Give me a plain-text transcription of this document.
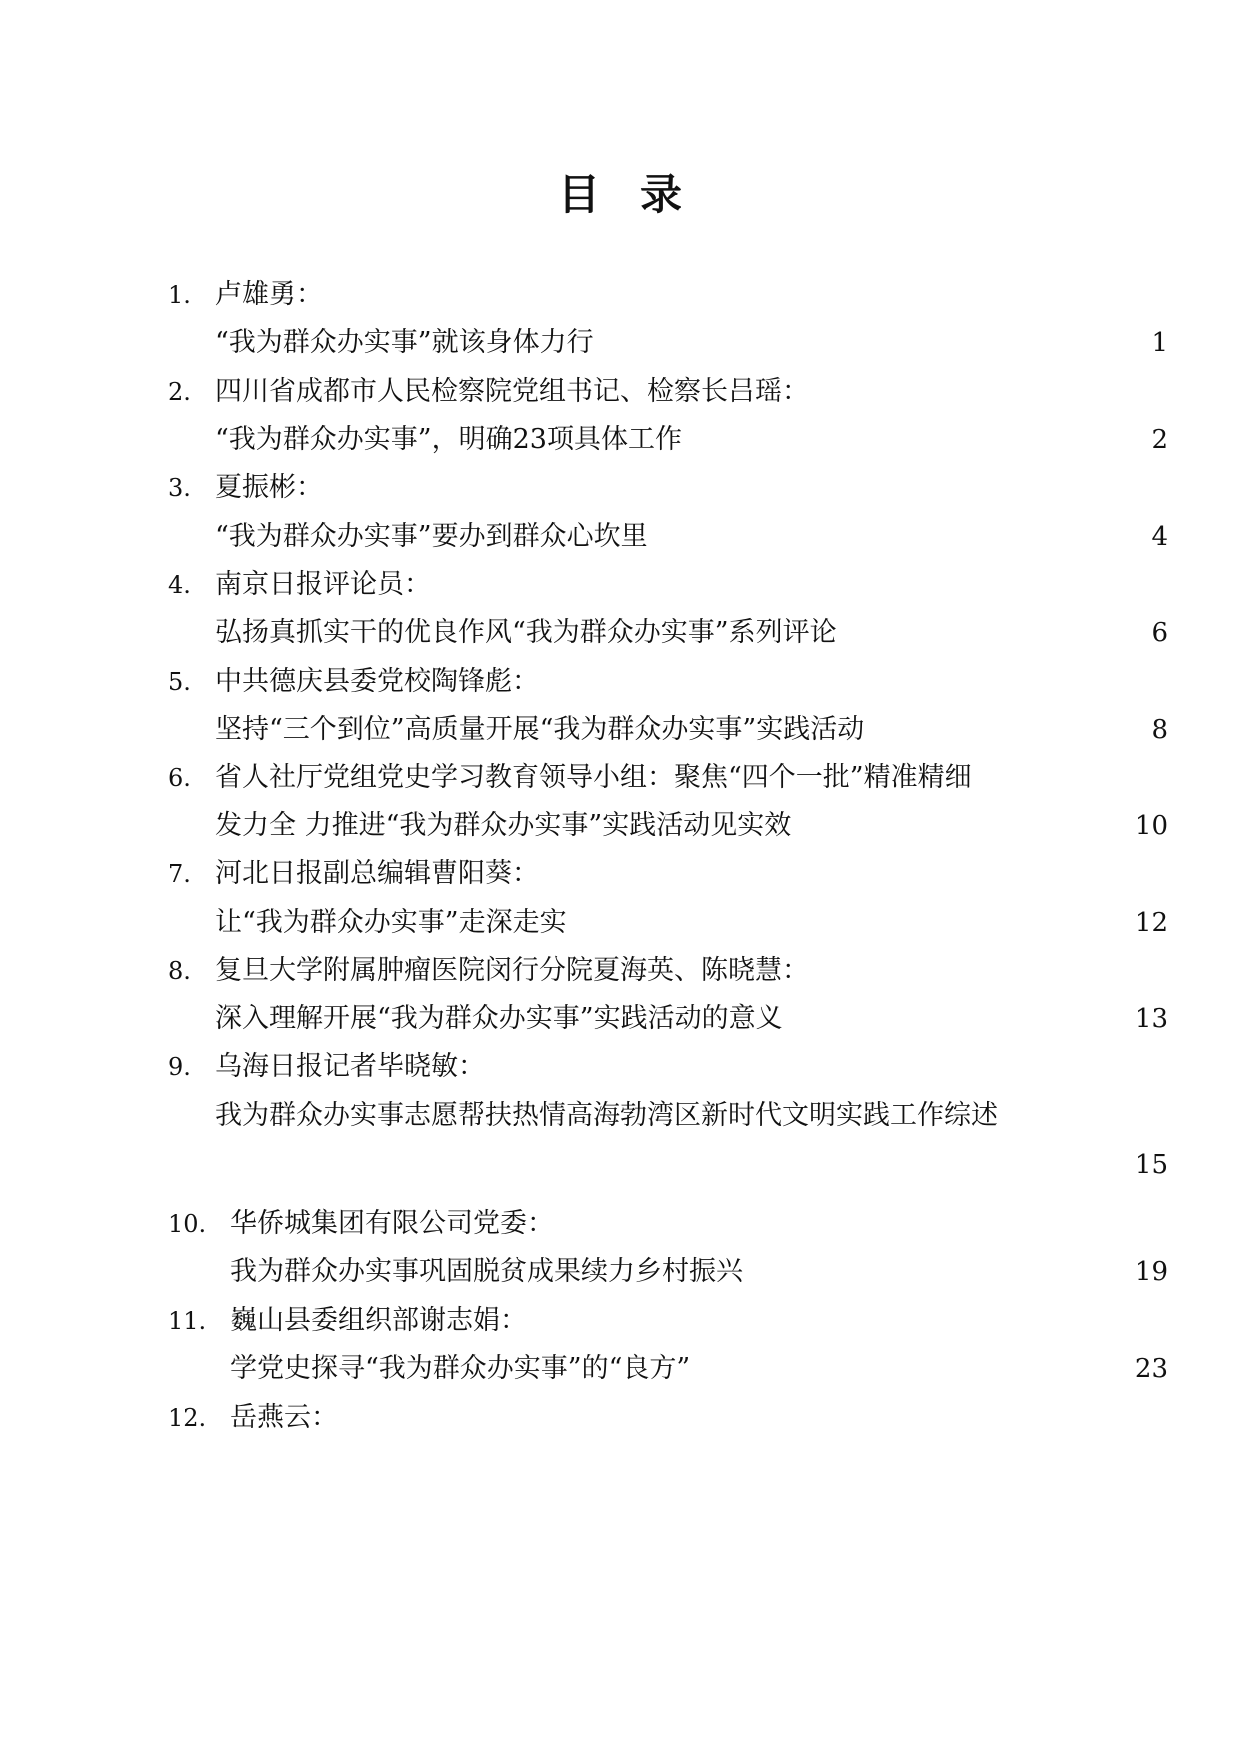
目录
1. 卢雄勇：
“我为群众办实事”就该身体力行	1
2. 四川省成都市人民检察院党组书记、检察长吕瑶：
“我为群众办实事”，明确23项具体工作	2
3. 夏振彬：
“我为群众办实事”要办到群众心坎里	4
4. 南京日报评论员：
弘扬真抓实干的优良作风“我为群众办实事”系列评论	6
5. 中共德庆县委党校陶锋彪：
坚持“三个到位”高质量开展“我为群众办实事”实践活动	8
6. 省人社厅党组党史学习教育领导小组：聚焦“四个一批”精准精细
发力全 力推进“我为群众办实事”实践活动见实效	10
7. 河北日报副总编辑曹阳葵：
让“我为群众办实事”走深走实	12
8. 复旦大学附属肿瘤医院闵行分院夏海英、陈晓慧：
深入理解开展“我为群众办实事”实践活动的意义	13
9. 乌海日报记者毕晓敏：
我为群众办实事志愿帮扶热情高海勃湾区新时代文明实践工作综述
15
10. 华侨城集团有限公司党委：
我为群众办实事巩固脱贫成果续力乡村振兴	19
11. 巍山县委组织部谢志娟：
学党史探寻“我为群众办实事”的“良方”	23
12. 岳燕云：
